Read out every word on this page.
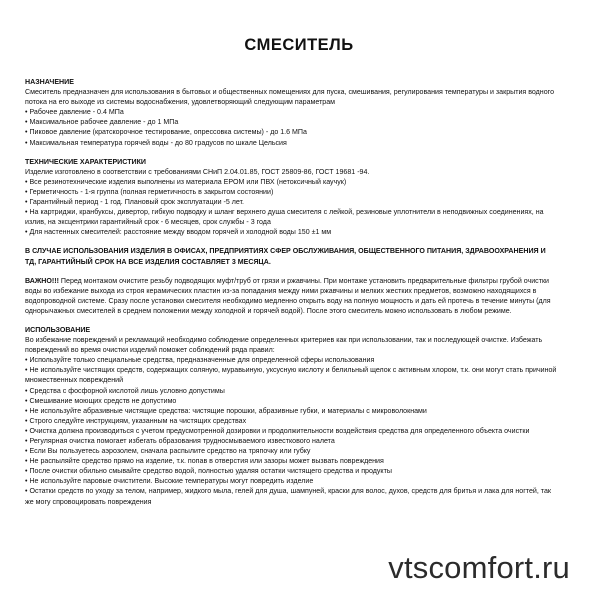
СМЕСИТЕЛЬ
НАЗНАЧЕНИЕ
Смеситель предназначен для использования в бытовых и общественных помещениях для пуска, смешивания, регулирования температуры и закрытия водного потока на его выходе из системы водоснабжения, удовлетворяющий следующим параметрам
• Рабочее давление - 0.4 МПа
• Максимальное рабочее давление - до 1 МПа
• Пиковое давление (кратскорочное тестирование, опрессовка системы) - до 1.6 МПа
• Максимальная температура горячей воды - до 80 градусов по шкале Цельсия
ТЕХНИЧЕСКИЕ ХАРАКТЕРИСТИКИ
Изделие изготовлено в соответствии с требованиями СНиП 2.04.01.85, ГОСТ 25809-86, ГОСТ 19681 -94.
• Все резинотехнические изделия выполнены из материала EPOM или ПВХ (нетоксичный каучук)
• Герметичность - 1-я группа (полная герметичность в закрытом состоянии)
• Гарантийный период - 1 год. Плановый срок эксплуатации -5 лет.
• На картриджи, кранбуксы, дивертор, гибкую подводку и шланг верхнего душа смесителя с лейкой, резиновые уплотнители в неподвижных соединениях, на излив, на эксцентрики гарантийный срок - 6 месяцев, срок службы - 3 года
• Для настенных смесителей: расстояние между вводом горячей и холодной воды 150 ±1 мм
В СЛУЧАЕ ИСПОЛЬЗОВАНИЯ ИЗДЕЛИЯ В ОФИСАХ, ПРЕДПРИЯТИЯХ СФЕР ОБСЛУЖИВАНИЯ, ОБЩЕСТВЕННОГО ПИТАНИЯ, ЗДРАВООХРАНЕНИЯ И ТД, ГАРАНТИЙНЫЙ СРОК НА ВСЕ ИЗДЕЛИЯ СОСТАВЛЯЕТ 3 МЕСЯЦА.
ВАЖНО!!! Перед монтажом очистите резьбу подводящих муфт/труб от грязи и ржавчины. При монтаже установить предварительные фильтры грубой очистки воды во избежание выхода из строя керамических пластин из-за попадания между ними ржавчины и мелких жестких предметов, возможно находящихся в водопроводной системе. Сразу после установки смесителя необходимо медленно открыть воду на полную мощность и дать ей протечь в течение минуты (для однорычажных смесителей в среднем положении между холодной и горячей водой). После этого смеситель можно использовать в любом режиме.
ИСПОЛЬЗОВАНИЕ
Во избежание повреждений и рекламаций необходимо соблюдение определенных критериев как при использовании, так и последующей очистке. Избежать повреждений во время очистки изделий поможет соблюдений ряда правил:
• Используйте только специальные средства, предназначенные для определенной сферы использования
• Не используйте чистящих средств, содержащих соляную, муравьиную, уксусную кислоту и белильный щелок с активным хлором, т.к. они могут стать причиной множественных повреждений
• Средства с фосфорной кислотой лишь условно допустимы
• Смешивание моющих средств не допустимо
• Не используйте абразивные чистящие средства: чистящие порошки, абразивные губки, и материалы с микроволокнами
• Строго следуйте инструкциям, указанным на чистящих средствах
• Очистка должна производиться с учетом предусмотренной дозировки и продолжительности воздействия средства для определенного объекта очистки
• Регулярная очистка помогает избегать образования трудносмываемого известкового налета
• Если Вы пользуетесь аэрозолем, сначала распылите средство на тряпочку или губку
• Не распыляйте средство прямо на изделие, т.к. попав в отверстия или зазоры может вызвать повреждения
• После очистки обильно смывайте средство водой, полностью удаляя остатки чистящего средства и продукты
• Не используйте паровые очистители. Высокие температуры могут повредить изделие
• Остатки средств по уходу за телом, например, жидкого мыла, гелей для душа, шампуней, краски для волос, духов, средств для бритья и лака для ногтей, так же могу спровоцировать повреждения
vtscomfort.ru
